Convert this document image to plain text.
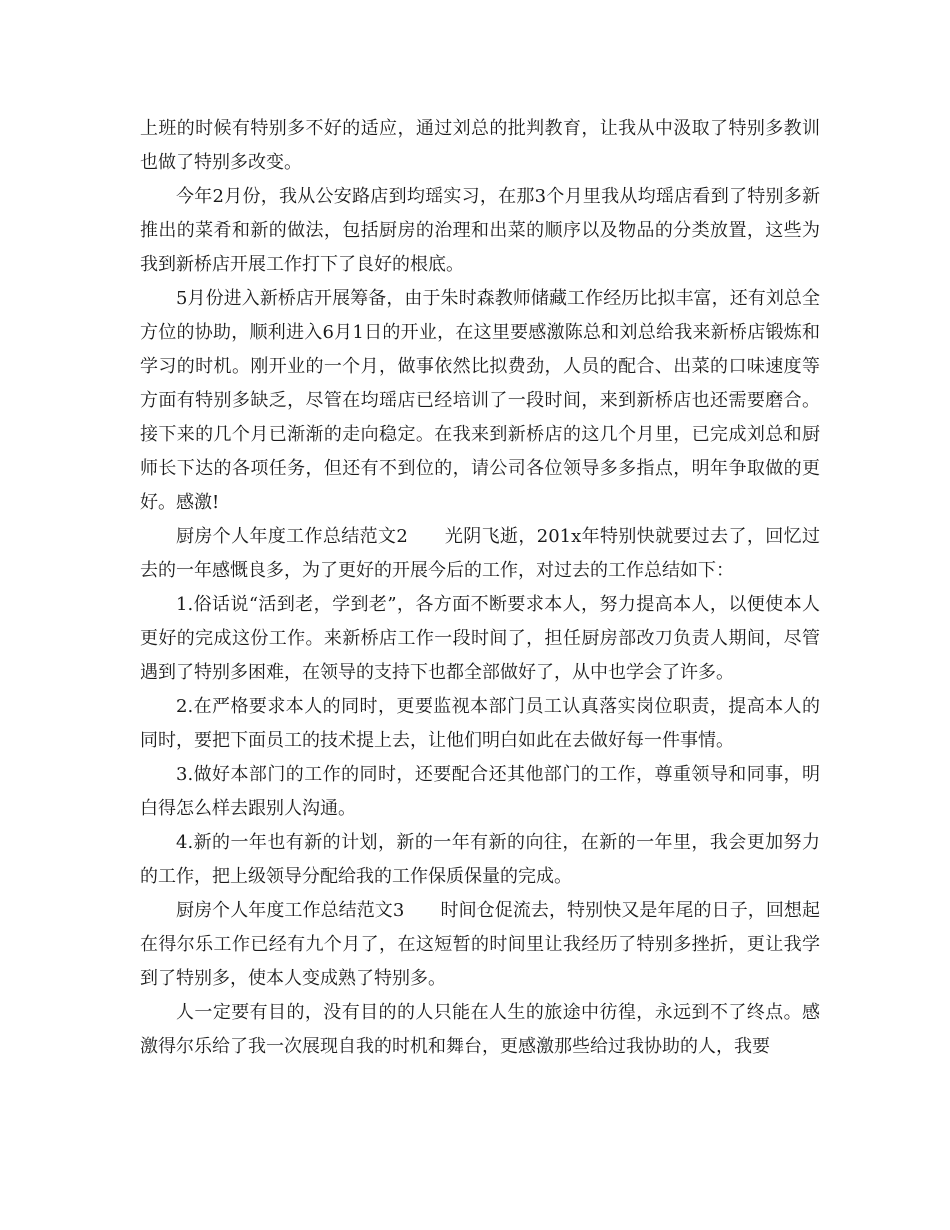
上班的时候有特别多不好的适应，通过刘总的批判教育，让我从中汲取了特别多教训也做了特别多改变。

今年2月份，我从公安路店到均瑶实习，在那3个月里我从均瑶店看到了特别多新推出的菜肴和新的做法，包括厨房的治理和出菜的顺序以及物品的分类放置，这些为我到新桥店开展工作打下了良好的根底。

5月份进入新桥店开展筹备，由于朱时森教师储藏工作经历比拟丰富，还有刘总全方位的协助，顺利进入6月1日的开业，在这里要感激陈总和刘总给我来新桥店锻炼和学习的时机。刚开业的一个月，做事依然比拟费劲，人员的配合、出菜的口味速度等方面有特别多缺乏，尽管在均瑶店已经培训了一段时间，来到新桥店也还需要磨合。接下来的几个月已渐渐的走向稳定。在我来到新桥店的这几个月里，已完成刘总和厨师长下达的各项任务，但还有不到位的，请公司各位领导多多指点，明年争取做的更好。感激!

厨房个人年度工作总结范文2　　光阴飞逝，201x年特别快就要过去了，回忆过去的一年感慨良多，为了更好的开展今后的工作，对过去的工作总结如下：

1.俗话说“活到老，学到老”，各方面不断要求本人，努力提高本人，以便使本人更好的完成这份工作。来新桥店工作一段时间了，担任厨房部改刀负责人期间，尽管遇到了特别多困难，在领导的支持下也都全部做好了，从中也学会了许多。

2.在严格要求本人的同时，更要监视本部门员工认真落实岗位职责，提高本人的同时，要把下面员工的技术提上去，让他们明白如此在去做好每一件事情。

3.做好本部门的工作的同时，还要配合还其他部门的工作，尊重领导和同事，明白得怎么样去跟别人沟通。

4.新的一年也有新的计划，新的一年有新的向往，在新的一年里，我会更加努力的工作，把上级领导分配给我的工作保质保量的完成。

厨房个人年度工作总结范文3　　时间仓促流去，特别快又是年尾的日子，回想起在得尔乐工作已经有九个月了，在这短暂的时间里让我经历了特别多挫折，更让我学到了特别多，使本人变成熟了特别多。

人一定要有目的，没有目的的人只能在人生的旅途中彷徨，永远到不了终点。感激得尔乐给了我一次展现自我的时机和舞台，更感激那些给过我协助的人，我要
